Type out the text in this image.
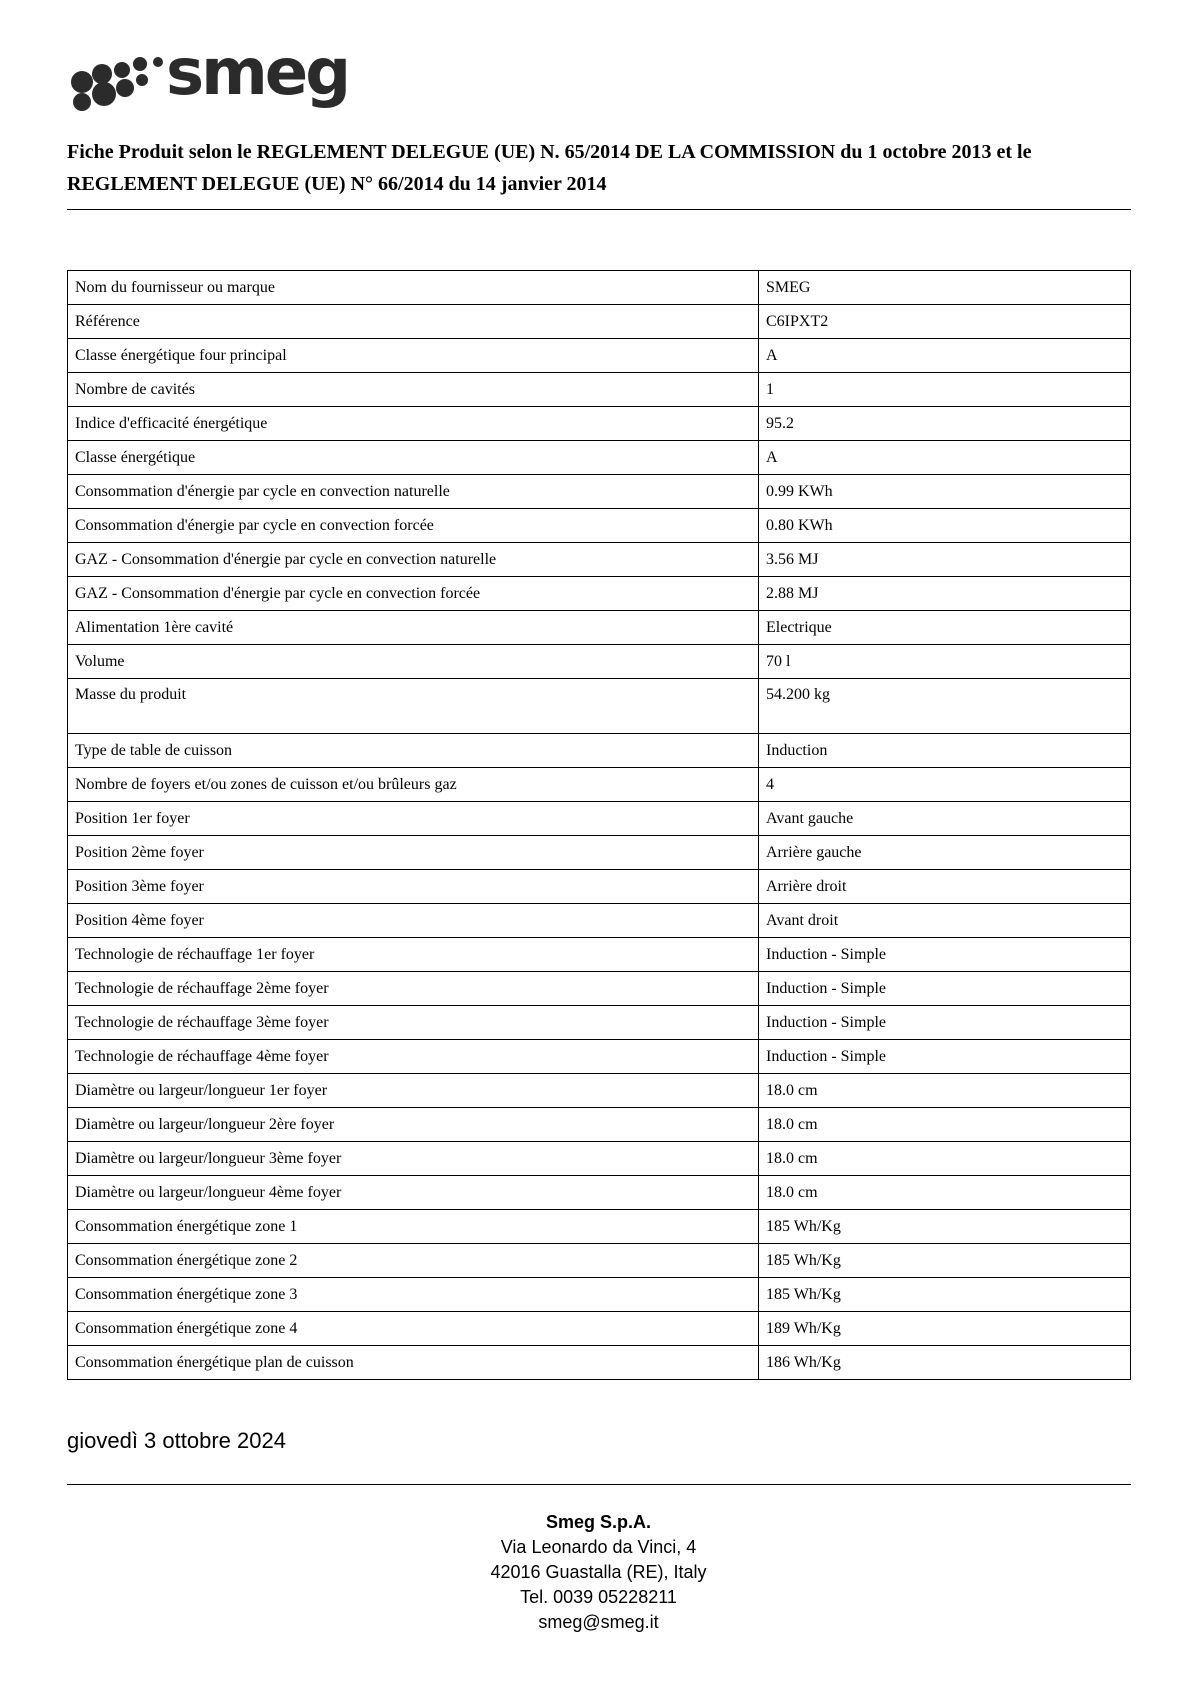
smeg
Fiche Produit selon le REGLEMENT DELEGUE (UE) N. 65/2014 DE LA COMMISSION du 1 octobre 2013 et le REGLEMENT DELEGUE (UE) N° 66/2014 du 14 janvier 2014
Nom du fournisseur ou marque	SMEG
Référence	C6IPXT2
Classe énergétique four principal	A
Nombre de cavités	1
Indice d'efficacité énergétique	95.2
Classe énergétique	A
Consommation d'énergie par cycle en convection naturelle	0.99 KWh
Consommation d'énergie par cycle en convection forcée	0.80 KWh
GAZ - Consommation d'énergie par cycle en convection naturelle	3.56 MJ
GAZ - Consommation d'énergie par cycle en convection forcée	2.88 MJ
Alimentation 1ère cavité	Electrique
Volume	70 l
Masse du produit	54.200 kg
Type de table de cuisson	Induction
Nombre de foyers et/ou zones de cuisson et/ou brûleurs gaz	4
Position 1er foyer	Avant gauche
Position 2ème foyer	Arrière gauche
Position 3ème foyer	Arrière droit
Position 4ème foyer	Avant droit
Technologie de réchauffage 1er foyer	Induction - Simple
Technologie de réchauffage 2ème foyer	Induction - Simple
Technologie de réchauffage 3ème foyer	Induction - Simple
Technologie de réchauffage 4ème foyer	Induction - Simple
Diamètre ou largeur/longueur 1er foyer	18.0 cm
Diamètre ou largeur/longueur 2ère foyer	18.0 cm
Diamètre ou largeur/longueur 3ème foyer	18.0 cm
Diamètre ou largeur/longueur 4ème foyer	18.0 cm
Consommation énergétique zone 1	185 Wh/Kg
Consommation énergétique zone 2	185 Wh/Kg
Consommation énergétique zone 3	185 Wh/Kg
Consommation énergétique zone 4	189 Wh/Kg
Consommation énergétique plan de cuisson	186 Wh/Kg
giovedì 3 ottobre 2024
Smeg S.p.A.
Via Leonardo da Vinci, 4
42016 Guastalla (RE), Italy
Tel. 0039 05228211
smeg@smeg.it
